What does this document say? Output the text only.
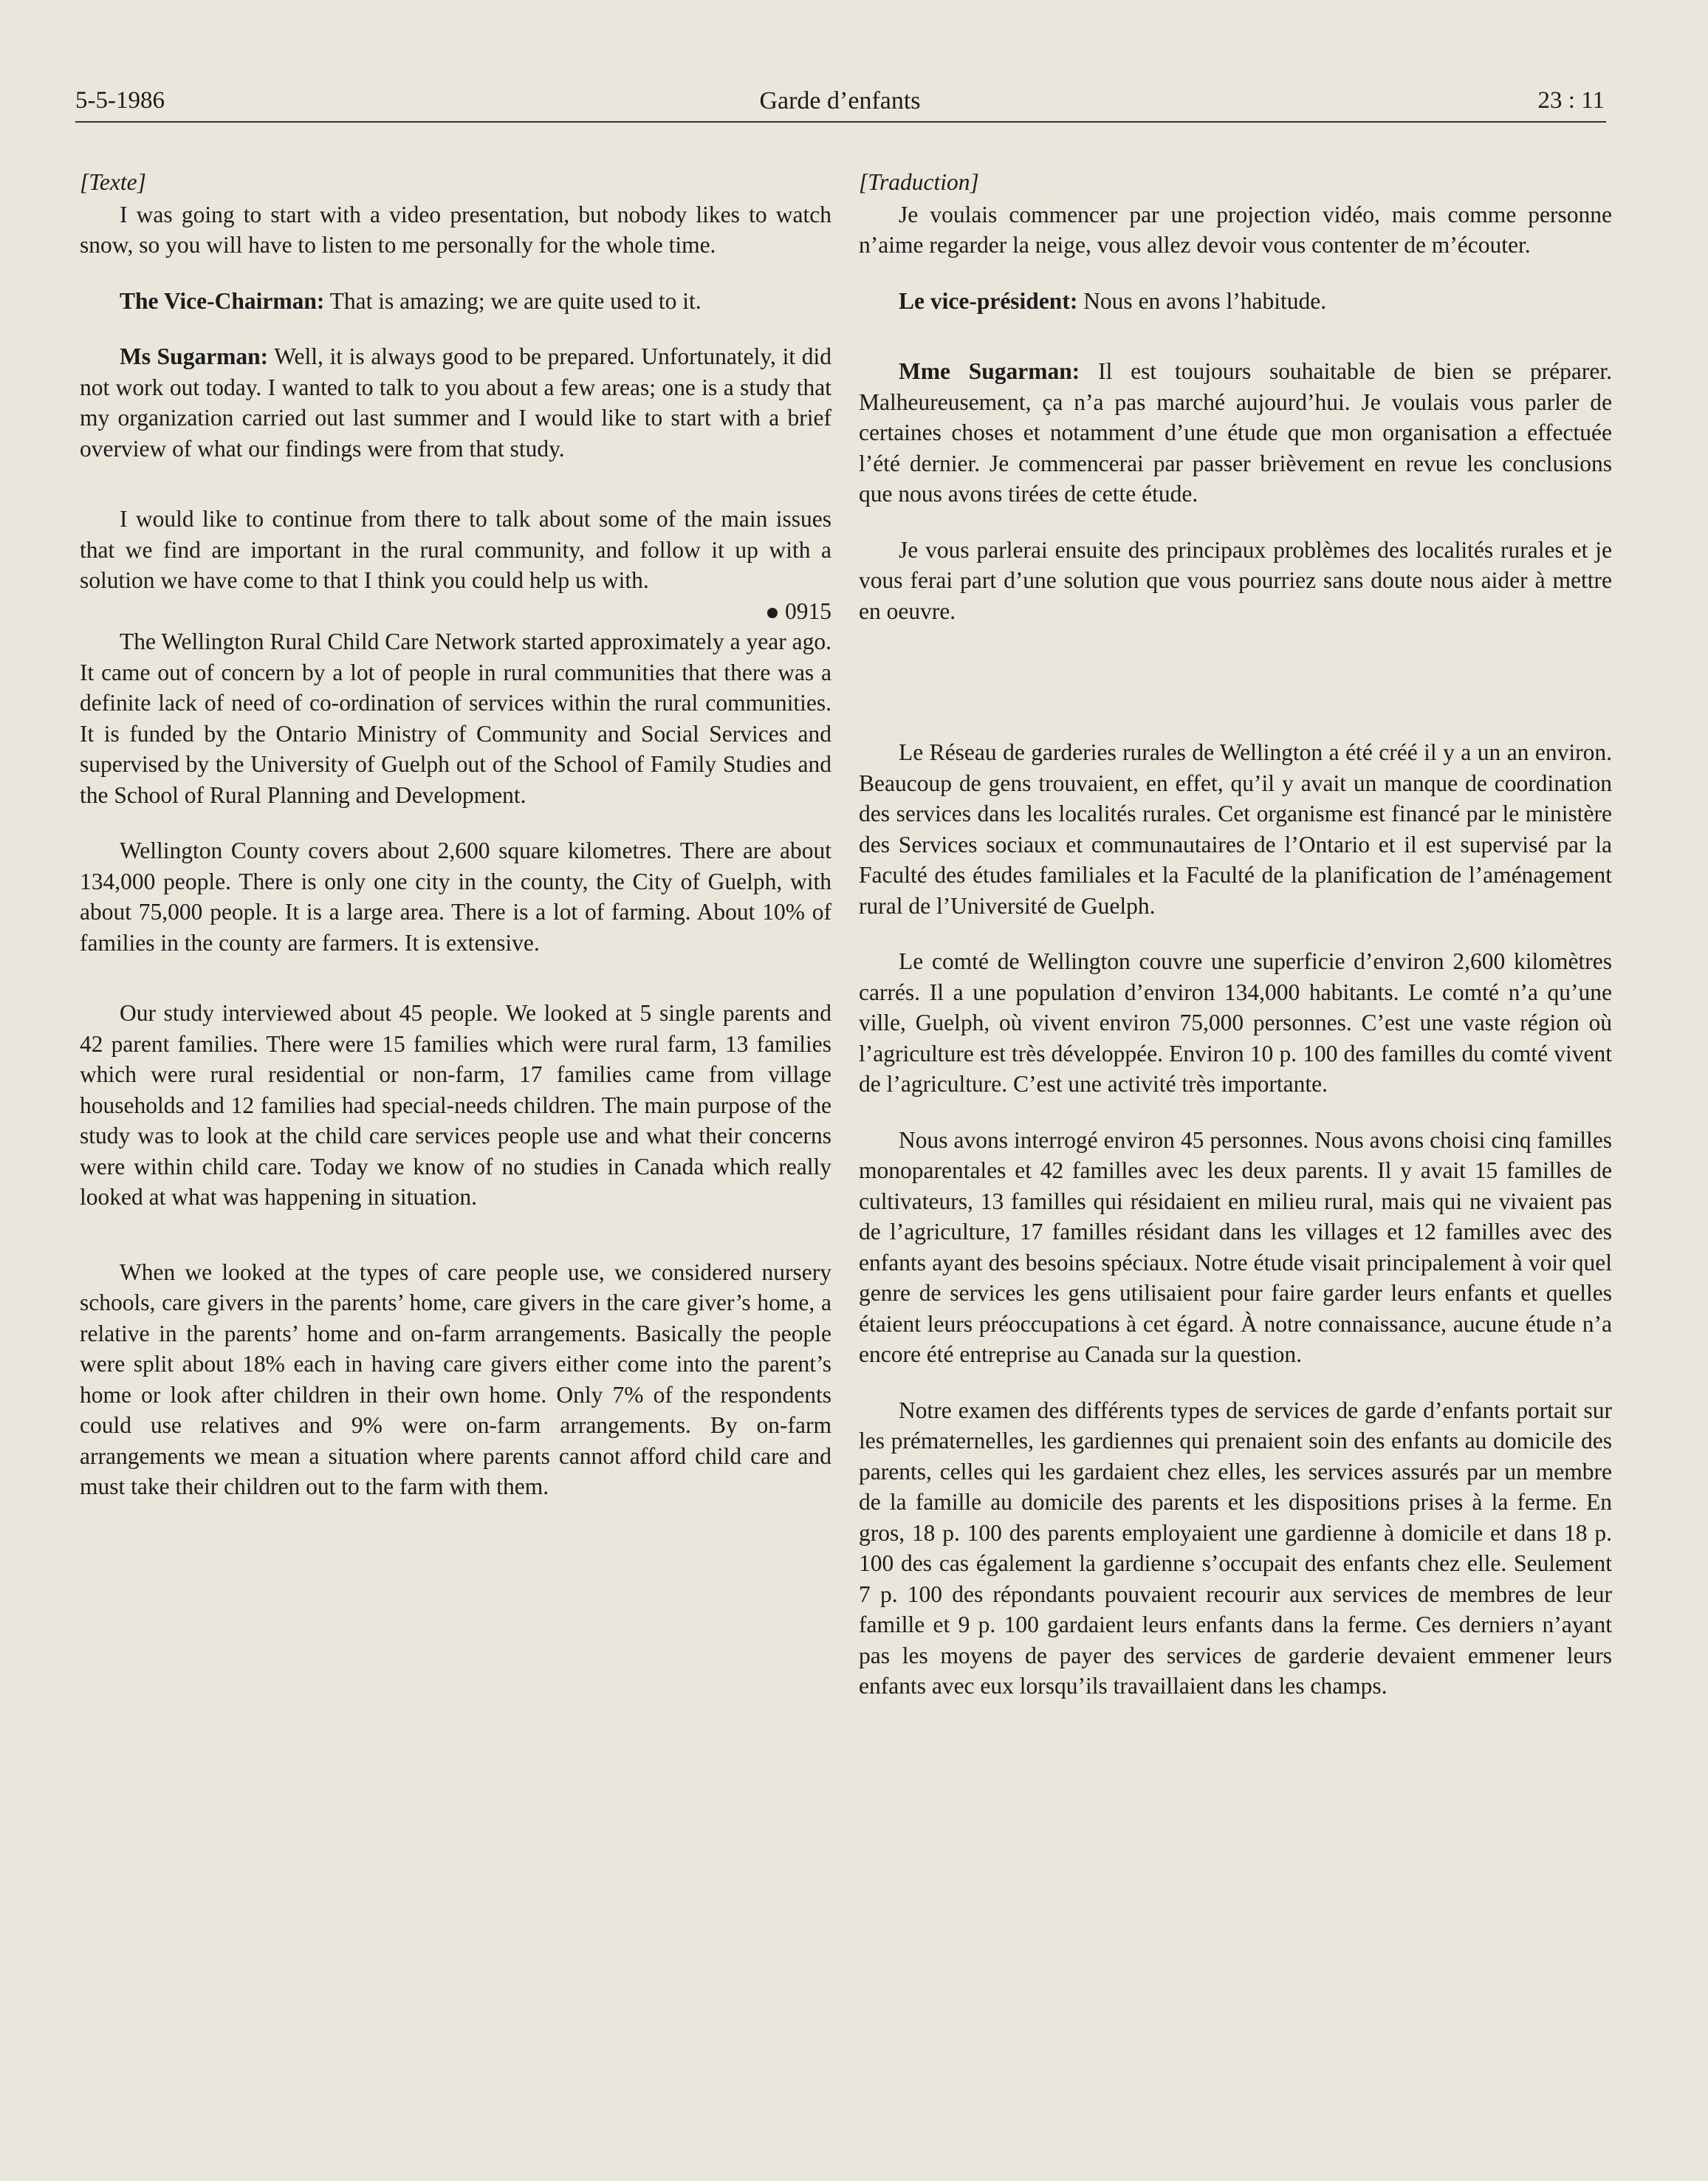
5-5-1986	Garde d’enfants	23 : 11

[Texte]

I was going to start with a video presentation, but nobody likes to watch snow, so you will have to listen to me personally for the whole time.

The Vice-Chairman: That is amazing; we are quite used to it.

Ms Sugarman: Well, it is always good to be prepared. Unfortunately, it did not work out today. I wanted to talk to you about a few areas; one is a study that my organization carried out last summer and I would like to start with a brief overview of what our findings were from that study.

I would like to continue from there to talk about some of the main issues that we find are important in the rural community, and follow it up with a solution we have come to that I think you could help us with.

0915

The Wellington Rural Child Care Network started approximately a year ago. It came out of concern by a lot of people in rural communities that there was a definite lack of need of co-ordination of services within the rural communities. It is funded by the Ontario Ministry of Community and Social Services and supervised by the University of Guelph out of the School of Family Studies and the School of Rural Planning and Development.

Wellington County covers about 2,600 square kilometres. There are about 134,000 people. There is only one city in the county, the City of Guelph, with about 75,000 people. It is a large area. There is a lot of farming. About 10% of families in the county are farmers. It is extensive.

Our study interviewed about 45 people. We looked at 5 single parents and 42 parent families. There were 15 families which were rural farm, 13 families which were rural residential or non-farm, 17 families came from village households and 12 families had special-needs children. The main purpose of the study was to look at the child care services people use and what their concerns were within child care. Today we know of no studies in Canada which really looked at what was happening in situation.

When we looked at the types of care people use, we considered nursery schools, care givers in the parents’ home, care givers in the care giver’s home, a relative in the parents’ home and on-farm arrangements. Basically the people were split about 18% each in having care givers either come into the parent’s home or look after children in their own home. Only 7% of the respondents could use relatives and 9% were on-farm arrangements. By on-farm arrangements we mean a situation where parents cannot afford child care and must take their children out to the farm with them.

[Traduction]

Je voulais commencer par une projection vidéo, mais comme personne n’aime regarder la neige, vous allez devoir vous contenter de m’écouter.

Le vice-président: Nous en avons l’habitude.

Mme Sugarman: Il est toujours souhaitable de bien se préparer. Malheureusement, ça n’a pas marché aujourd’hui. Je voulais vous parler de certaines choses et notamment d’une étude que mon organisation a effectuée l’été dernier. Je commencerai par passer brièvement en revue les conclusions que nous avons tirées de cette étude.

Je vous parlerai ensuite des principaux problèmes des localités rurales et je vous ferai part d’une solution que vous pourriez sans doute nous aider à mettre en oeuvre.

Le Réseau de garderies rurales de Wellington a été créé il y a un an environ. Beaucoup de gens trouvaient, en effet, qu’il y avait un manque de coordination des services dans les localités rurales. Cet organisme est financé par le ministère des Services sociaux et communautaires de l’Ontario et il est supervisé par la Faculté des études familiales et la Faculté de la planification de l’aménagement rural de l’Université de Guelph.

Le comté de Wellington couvre une superficie d’environ 2,600 kilomètres carrés. Il a une population d’environ 134,000 habitants. Le comté n’a qu’une ville, Guelph, où vivent environ 75,000 personnes. C’est une vaste région où l’agriculture est très développée. Environ 10 p. 100 des familles du comté vivent de l’agriculture. C’est une activité très importante.

Nous avons interrogé environ 45 personnes. Nous avons choisi cinq familles monoparentales et 42 familles avec les deux parents. Il y avait 15 familles de cultivateurs, 13 familles qui résidaient en milieu rural, mais qui ne vivaient pas de l’agriculture, 17 familles résidant dans les villages et 12 familles avec des enfants ayant des besoins spéciaux. Notre étude visait principalement à voir quel genre de services les gens utilisaient pour faire garder leurs enfants et quelles étaient leurs préoccupations à cet égard. À notre connaissance, aucune étude n’a encore été entreprise au Canada sur la question.

Notre examen des différents types de services de garde d’enfants portait sur les prématernelles, les gardiennes qui prenaient soin des enfants au domicile des parents, celles qui les gardaient chez elles, les services assurés par un membre de la famille au domicile des parents et les dispositions prises à la ferme. En gros, 18 p. 100 des parents employaient une gardienne à domicile et dans 18 p. 100 des cas également la gardienne s’occupait des enfants chez elle. Seulement 7 p. 100 des répondants pouvaient recourir aux services de membres de leur famille et 9 p. 100 gardaient leurs enfants dans la ferme. Ces derniers n’ayant pas les moyens de payer des services de garderie devaient emmener leurs enfants avec eux lorsqu’ils travaillaient dans les champs.
